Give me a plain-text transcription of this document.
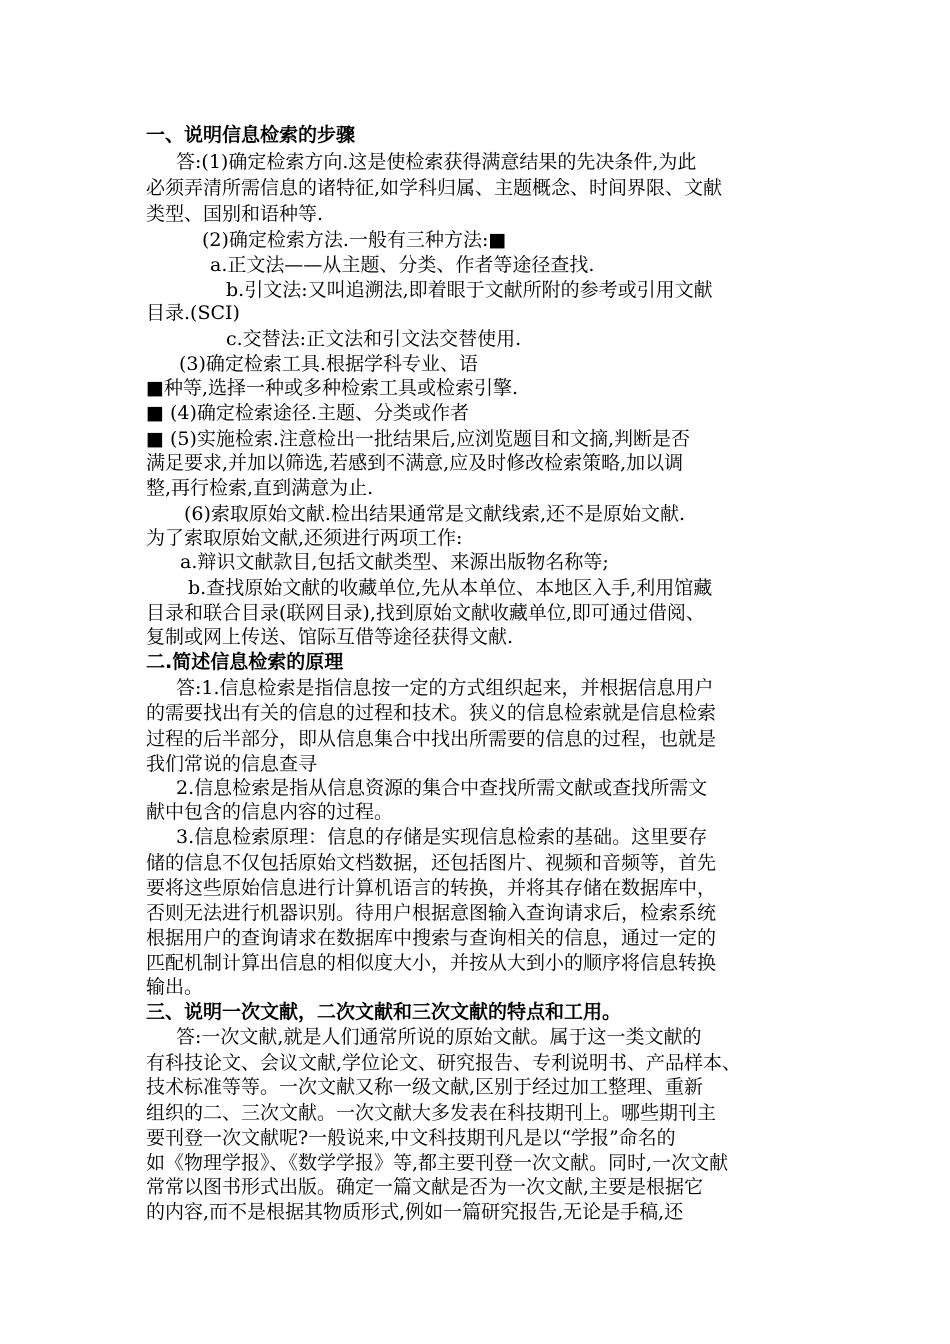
一、说明信息检索的步骤
答:(1)确定检索方向.这是使检索获得满意结果的先决条件,为此
必须弄清所需信息的诸特征,如学科归属、主题概念、时间界限、文献
类型、国别和语种等.
(2)确定检索方法.一般有三种方法:■
a.正文法——从主题、分类、作者等途径查找.
b.引文法:又叫追溯法,即着眼于文献所附的参考或引用文献
目录.(SCI)
c.交替法:正文法和引文法交替使用.
(3)确定检索工具.根据学科专业、语
■种等,选择一种或多种检索工具或检索引擎.
■ (4)确定检索途径.主题、分类或作者
■ (5)实施检索.注意检出一批结果后,应浏览题目和文摘,判断是否
满足要求,并加以筛选,若感到不满意,应及时修改检索策略,加以调
整,再行检索,直到满意为止.
(6)索取原始文献.检出结果通常是文献线索,还不是原始文献.
为了索取原始文献,还须进行两项工作:
a.辩识文献款目,包括文献类型、来源出版物名称等;
b.查找原始文献的收藏单位,先从本单位、本地区入手,利用馆藏
目录和联合目录(联网目录),找到原始文献收藏单位,即可通过借阅、
复制或网上传送、馆际互借等途径获得文献.
二.简述信息检索的原理
答:1.信息检索是指信息按一定的方式组织起来，并根据信息用户
的需要找出有关的信息的过程和技术。狭义的信息检索就是信息检索
过程的后半部分，即从信息集合中找出所需要的信息的过程，也就是
我们常说的信息查寻
2.信息检索是指从信息资源的集合中查找所需文献或查找所需文
献中包含的信息内容的过程。
3.信息检索原理：信息的存储是实现信息检索的基础。这里要存
储的信息不仅包括原始文档数据，还包括图片、视频和音频等，首先
要将这些原始信息进行计算机语言的转换，并将其存储在数据库中，
否则无法进行机器识别。待用户根据意图输入查询请求后，检索系统
根据用户的查询请求在数据库中搜索与查询相关的信息，通过一定的
匹配机制计算出信息的相似度大小，并按从大到小的顺序将信息转换
输出。
三、说明一次文献，二次文献和三次文献的特点和工用。
答:一次文献,就是人们通常所说的原始文献。属于这一类文献的
有科技论文、会议文献,学位论文、研究报告、专利说明书、产品样本、
技术标准等等。一次文献又称一级文献,区别于经过加工整理、重新
组织的二、三次文献。一次文献大多发表在科技期刊上。哪些期刊主
要刊登一次文献呢?一般说来,中文科技期刊凡是以“学报”命名的
如《物理学报》、《数学学报》等,都主要刊登一次文献。同时,一次文献
常常以图书形式出版。确定一篇文献是否为一次文献,主要是根据它
的内容,而不是根据其物质形式,例如一篇研究报告,无论是手稿,还
